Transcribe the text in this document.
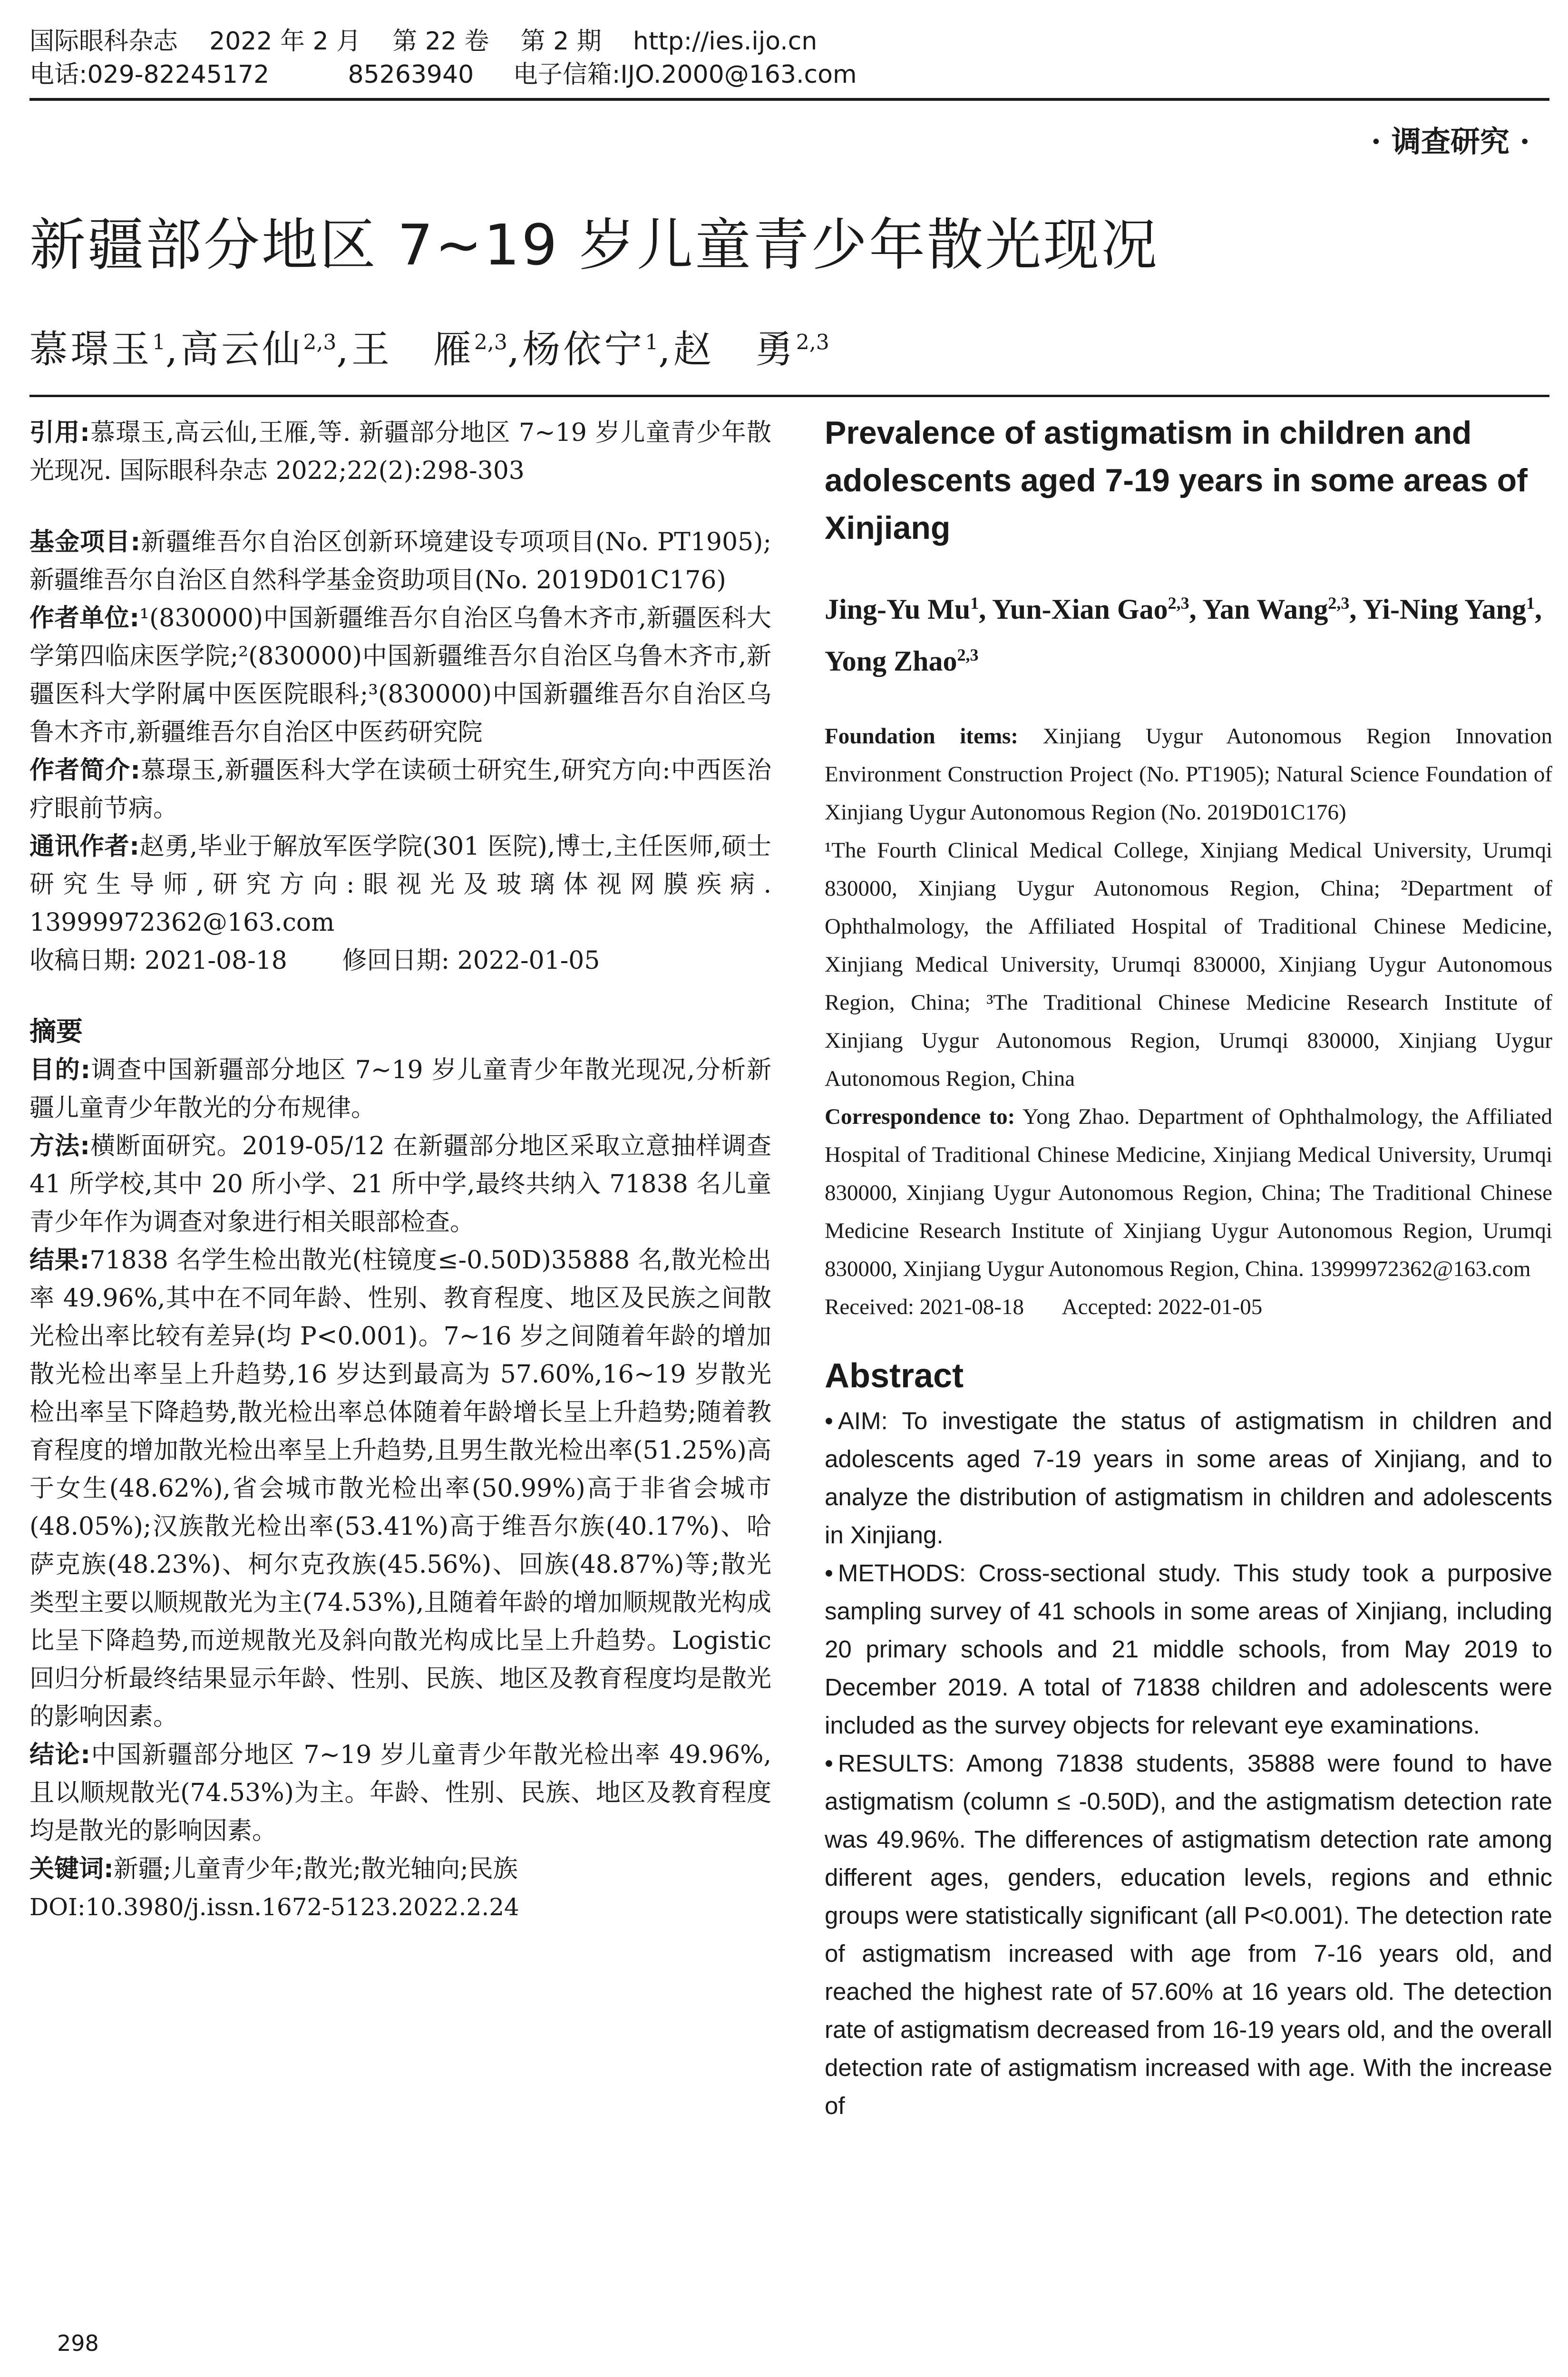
国际眼科杂志 2022 年 2 月 第 22 卷 第 2 期 http://ies.ijo.cn
电话:029-82245172	85263940 电子信箱:IJO.2000@163.com
· 调查研究 ·
新疆部分地区 7~19 岁儿童青少年散光现况
慕璟玉$^1$,高云仙$^{2,3}$,王　雁$^{2,3}$,杨依宁$^1$,赵　勇$^{2,3}$

引用:慕璟玉,高云仙,王雁,等. 新疆部分地区 7~19 岁儿童青少年散光现况. 国际眼科杂志 2022;22(2):298-303

基金项目:新疆维吾尔自治区创新环境建设专项项目(No. PT1905);新疆维吾尔自治区自然科学基金资助项目(No. 2019D01C176)

作者单位:¹(830000)中国新疆维吾尔自治区乌鲁木齐市,新疆医科大学第四临床医学院;²(830000)中国新疆维吾尔自治区乌鲁木齐市,新疆医科大学附属中医医院眼科;³(830000)中国新疆维吾尔自治区乌鲁木齐市,新疆维吾尔自治区中医药研究院

作者简介:慕璟玉,新疆医科大学在读硕士研究生,研究方向:中西医治疗眼前节病。

通讯作者:赵勇,毕业于解放军医学院(301 医院),博士,主任医师,硕士研究生导师,研究方向:眼视光及玻璃体视网膜疾病. 13999972362@163.com

收稿日期: 2021-08-18 修回日期: 2022-01-05

摘要

目的:调查中国新疆部分地区 7~19 岁儿童青少年散光现况,分析新疆儿童青少年散光的分布规律。

方法:横断面研究。2019-05/12 在新疆部分地区采取立意抽样调查 41 所学校,其中 20 所小学、21 所中学,最终共纳入 71838 名儿童青少年作为调查对象进行相关眼部检查。

结果:71838 名学生检出散光(柱镜度≤-0.50D)35888 名,散光检出率 49.96%,其中在不同年龄、性别、教育程度、地区及民族之间散光检出率比较有差异(均 P<0.001)。7~16 岁之间随着年龄的增加散光检出率呈上升趋势,16 岁达到最高为 57.60%,16~19 岁散光检出率呈下降趋势,散光检出率总体随着年龄增长呈上升趋势;随着教育程度的增加散光检出率呈上升趋势,且男生散光检出率(51.25%)高于女生(48.62%),省会城市散光检出率(50.99%)高于非省会城市(48.05%);汉族散光检出率(53.41%)高于维吾尔族(40.17%)、哈萨克族(48.23%)、柯尔克孜族(45.56%)、回族(48.87%)等;散光类型主要以顺规散光为主(74.53%),且随着年龄的增加顺规散光构成比呈下降趋势,而逆规散光及斜向散光构成比呈上升趋势。Logistic 回归分析最终结果显示年龄、性别、民族、地区及教育程度均是散光的影响因素。

结论:中国新疆部分地区 7~19 岁儿童青少年散光检出率 49.96%,且以顺规散光(74.53%)为主。年龄、性别、民族、地区及教育程度均是散光的影响因素。

关键词:新疆;儿童青少年;散光;散光轴向;民族

DOI:10.3980/j.issn.1672-5123.2022.2.24

Prevalence of astigmatism in children and adolescents aged 7-19 years in some areas of Xinjiang

Jing-Yu Mu$^1$, Yun-Xian Gao$^{2,3}$, Yan Wang$^{2,3}$, Yi-Ning Yang$^1$, Yong Zhao$^{2,3}$

Foundation items: Xinjiang Uygur Autonomous Region Innovation Environment Construction Project (No. PT1905); Natural Science Foundation of Xinjiang Uygur Autonomous Region (No. 2019D01C176)

¹The Fourth Clinical Medical College, Xinjiang Medical University, Urumqi 830000, Xinjiang Uygur Autonomous Region, China; ²Department of Ophthalmology, the Affiliated Hospital of Traditional Chinese Medicine, Xinjiang Medical University, Urumqi 830000, Xinjiang Uygur Autonomous Region, China; ³The Traditional Chinese Medicine Research Institute of Xinjiang Uygur Autonomous Region, Urumqi 830000, Xinjiang Uygur Autonomous Region, China

Correspondence to: Yong Zhao. Department of Ophthalmology, the Affiliated Hospital of Traditional Chinese Medicine, Xinjiang Medical University, Urumqi 830000, Xinjiang Uygur Autonomous Region, China; The Traditional Chinese Medicine Research Institute of Xinjiang Uygur Autonomous Region, Urumqi 830000, Xinjiang Uygur Autonomous Region, China. 13999972362@163.com

Received: 2021-08-18 Accepted: 2022-01-05

Abstract

• AIM: To investigate the status of astigmatism in children and adolescents aged 7-19 years in some areas of Xinjiang, and to analyze the distribution of astigmatism in children and adolescents in Xinjiang.

• METHODS: Cross-sectional study. This study took a purposive sampling survey of 41 schools in some areas of Xinjiang, including 20 primary schools and 21 middle schools, from May 2019 to December 2019. A total of 71838 children and adolescents were included as the survey objects for relevant eye examinations.

• RESULTS: Among 71838 students, 35888 were found to have astigmatism (column ≤ -0.50D), and the astigmatism detection rate was 49.96%. The differences of astigmatism detection rate among different ages, genders, education levels, regions and ethnic groups were statistically significant (all P<0.001). The detection rate of astigmatism increased with age from 7-16 years old, and reached the highest rate of 57.60% at 16 years old. The detection rate of astigmatism decreased from 16-19 years old, and the overall detection rate of astigmatism increased with age. With the increase of

298
